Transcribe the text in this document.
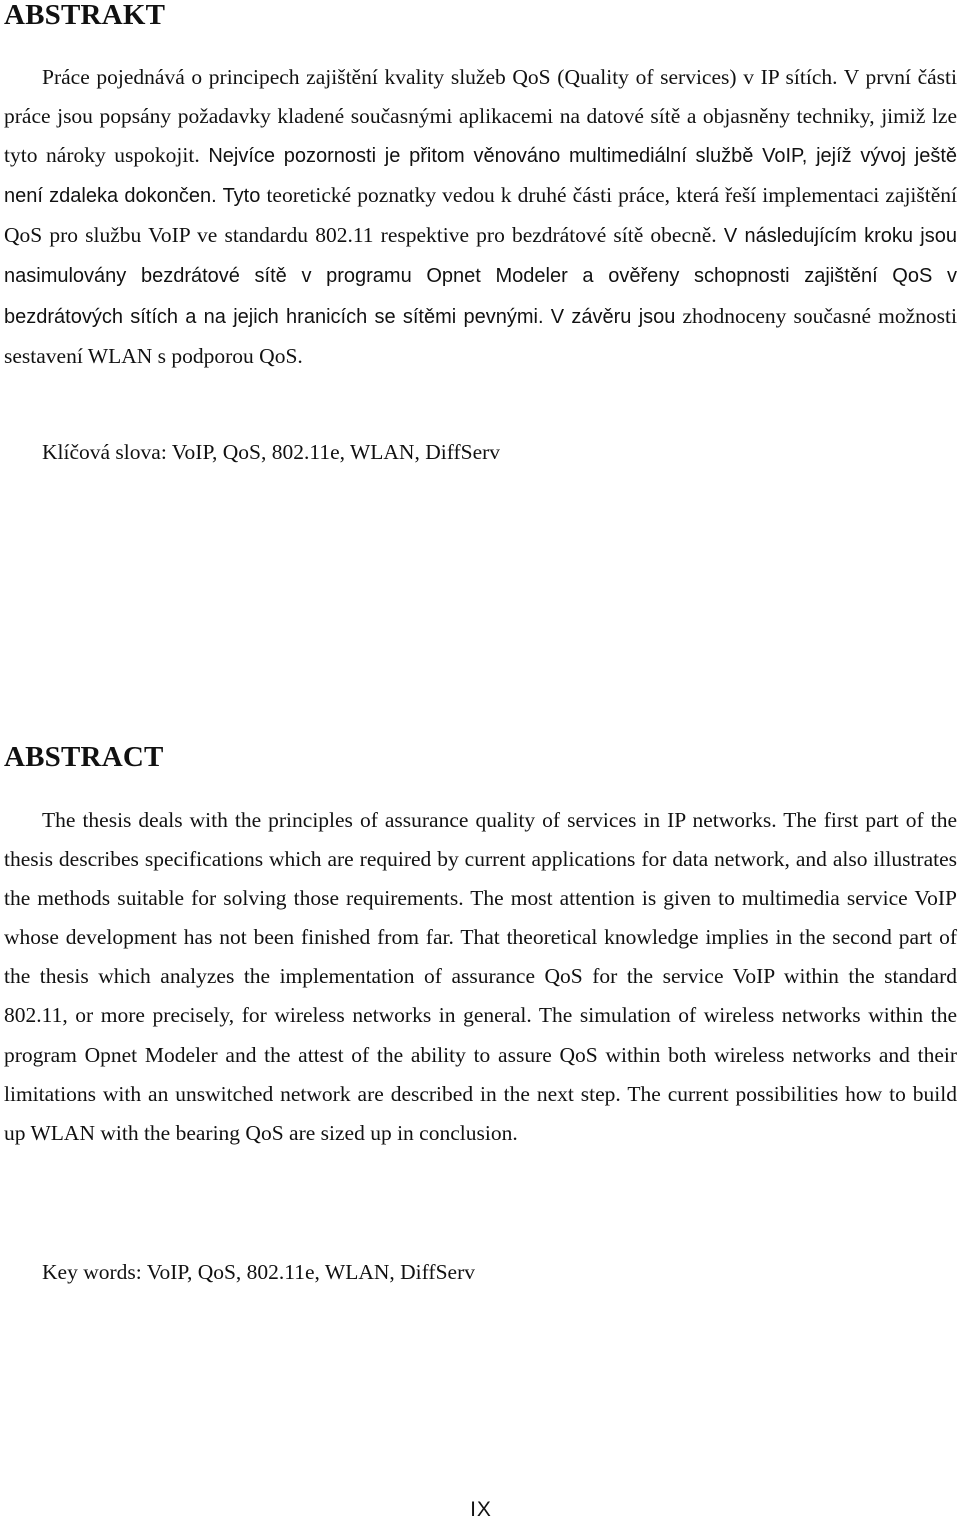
ABSTRAKT

Práce pojednává o principech zajištění kvality služeb QoS (Quality of services) v IP sítích. V první části práce jsou popsány požadavky kladené současnými aplikacemi na datové sítě a objasněny techniky, jimiž lze tyto nároky uspokojit. Nejvíce pozornosti je přitom věnováno multimediální službě VoIP, jejíž vývoj ještě není zdaleka dokončen. Tyto teoretické poznatky vedou k druhé části práce, která řeší implementaci zajištění QoS pro službu VoIP ve standardu 802.11 respektive pro bezdrátové sítě obecně. V následujícím kroku jsou nasimulovány bezdrátové sítě v programu Opnet Modeler a ověřeny schopnosti zajištění QoS v bezdrátových sítích a na jejich hranicích se sítěmi pevnými. V závěru jsou zhodnoceny současné možnosti sestavení WLAN s podporou QoS.

Klíčová slova: VoIP, QoS, 802.11e, WLAN, DiffServ

ABSTRACT

The thesis deals with the principles of assurance quality of services in IP networks. The first part of the thesis describes specifications which are required by current applications for data network, and also illustrates the methods suitable for solving those requirements. The most attention is given to multimedia service VoIP whose development has not been finished from far. That theoretical knowledge implies in the second part of the thesis which analyzes the implementation of assurance QoS for the service VoIP within the standard 802.11, or more precisely, for wireless networks in general. The simulation of wireless networks within the program Opnet Modeler and the attest of the ability to assure QoS within both wireless networks and their limitations with an unswitched network are described in the next step. The current possibilities how to build up WLAN with the bearing QoS are sized up in conclusion.

Key words: VoIP, QoS, 802.11e, WLAN, DiffServ

IX
